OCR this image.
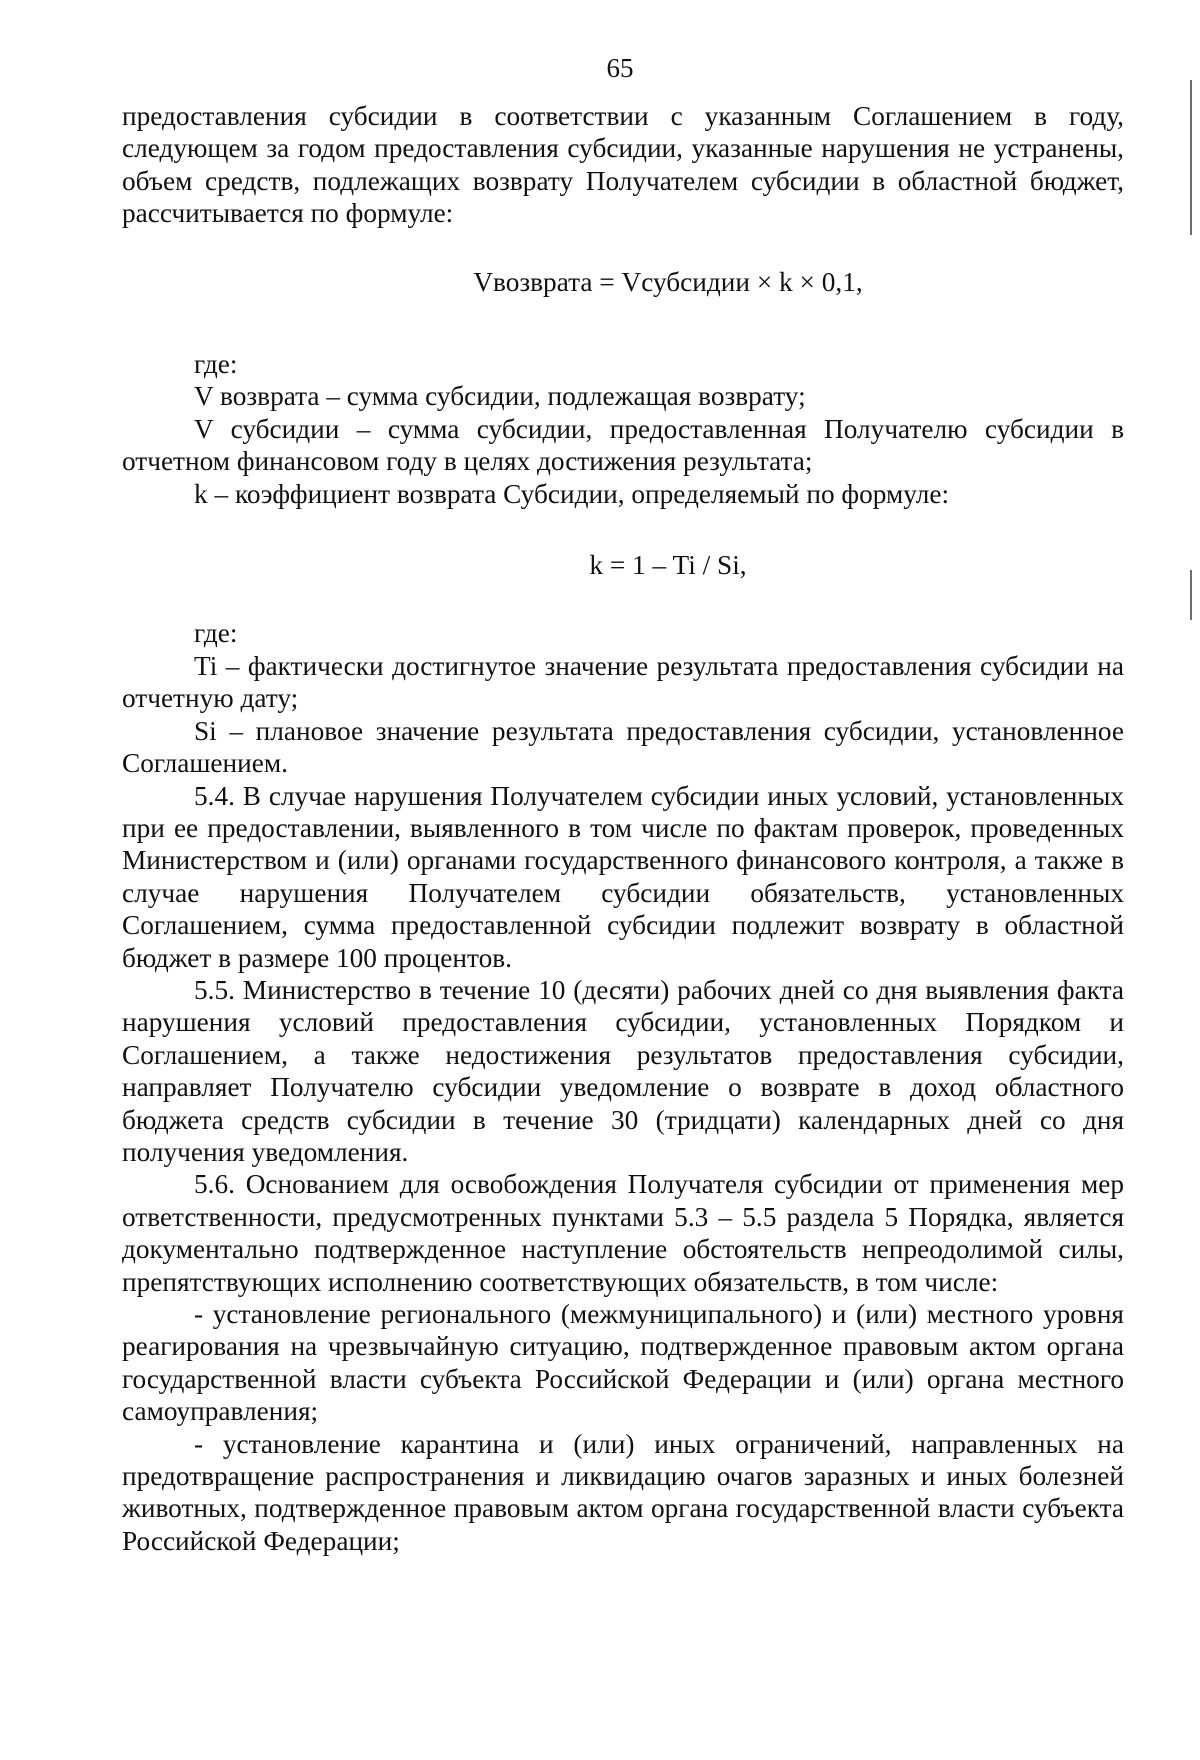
65

предоставления субсидии в соответствии с указанным Соглашением в году, следующем за годом предоставления субсидии, указанные нарушения не устранены, объем средств, подлежащих возврату Получателем субсидии в областной бюджет, рассчитывается по формуле:

Vвозврата = Vсубсидии × k × 0,1,

где:

V возврата – сумма субсидии, подлежащая возврату;

V субсидии – сумма субсидии, предоставленная Получателю субсидии в отчетном финансовом году в целях достижения результата;

k – коэффициент возврата Субсидии, определяемый по формуле:

k = 1 – Ti / Si,

где:

Ti – фактически достигнутое значение результата предоставления субсидии на отчетную дату;

Si – плановое значение результата предоставления субсидии, установленное Соглашением.

5.4. В случае нарушения Получателем субсидии иных условий, установленных при ее предоставлении, выявленного в том числе по фактам проверок, проведенных Министерством и (или) органами государственного финансового контроля, а также в случае нарушения Получателем субсидии обязательств, установленных Соглашением, сумма предоставленной субсидии подлежит возврату в областной бюджет в размере 100 процентов.

5.5. Министерство в течение 10 (десяти) рабочих дней со дня выявления факта нарушения условий предоставления субсидии, установленных Порядком и Соглашением, а также недостижения результатов предоставления субсидии, направляет Получателю субсидии уведомление о возврате в доход областного бюджета средств субсидии в течение 30 (тридцати) календарных дней со дня получения уведомления.

5.6. Основанием для освобождения Получателя субсидии от применения мер ответственности, предусмотренных пунктами 5.3 – 5.5 раздела 5 Порядка, является документально подтвержденное наступление обстоятельств непреодолимой силы, препятствующих исполнению соответствующих обязательств, в том числе:

- установление регионального (межмуниципального) и (или) местного уровня реагирования на чрезвычайную ситуацию, подтвержденное правовым актом органа государственной власти субъекта Российской Федерации и (или) органа местного самоуправления;

- установление карантина и (или) иных ограничений, направленных на предотвращение распространения и ликвидацию очагов заразных и иных болезней животных, подтвержденное правовым актом органа государственной власти субъекта Российской Федерации;
